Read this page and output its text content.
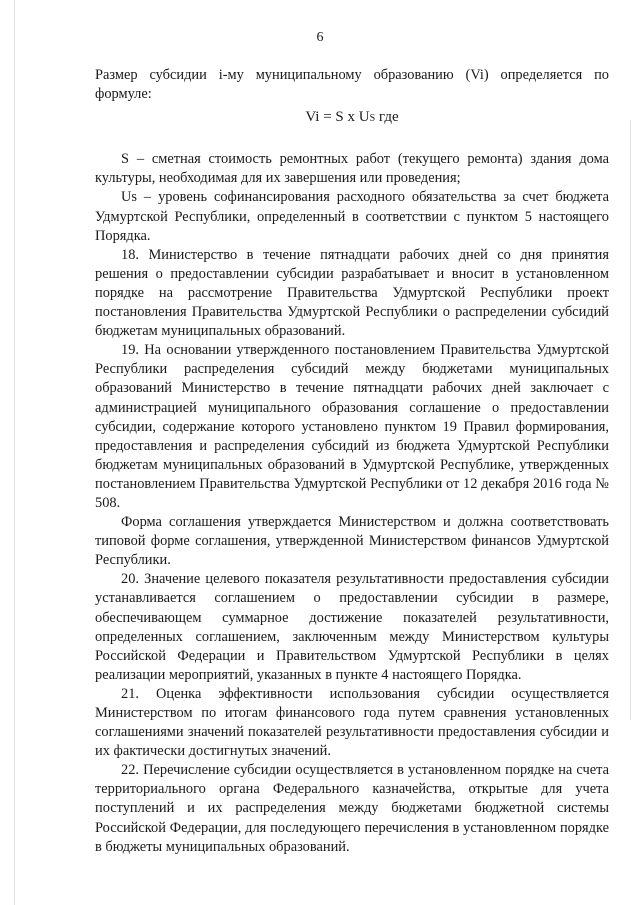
6

Размер субсидии i-му муниципальному образованию (Vi) определяется по формуле:

Vi = S x US где

S – сметная стоимость ремонтных работ (текущего ремонта) здания дома культуры, необходимая для их завершения или проведения;

Us – уровень софинансирования расходного обязательства за счет бюджета Удмуртской Республики, определенный в соответствии с пунктом 5 настоящего Порядка.

18. Министерство в течение пятнадцати рабочих дней со дня принятия решения о предоставлении субсидии разрабатывает и вносит в установленном порядке на рассмотрение Правительства Удмуртской Республики проект постановления Правительства Удмуртской Республики о распределении субсидий бюджетам муниципальных образований.

19. На основании утвержденного постановлением Правительства Удмуртской Республики распределения субсидий между бюджетами муниципальных образований Министерство в течение пятнадцати рабочих дней заключает с администрацией муниципального образования соглашение о предоставлении субсидии, содержание которого установлено пунктом 19 Правил формирования, предоставления и распределения субсидий из бюджета Удмуртской Республики бюджетам муниципальных образований в Удмуртской Республике, утвержденных постановлением Правительства Удмуртской Республики от 12 декабря 2016 года № 508.

Форма соглашения утверждается Министерством и должна соответствовать типовой форме соглашения, утвержденной Министерством финансов Удмуртской Республики.

20. Значение целевого показателя результативности предоставления субсидии устанавливается соглашением о предоставлении субсидии в размере, обеспечивающем суммарное достижение показателей результативности, определенных соглашением, заключенным между Министерством культуры Российской Федерации и Правительством Удмуртской Республики в целях реализации мероприятий, указанных в пункте 4 настоящего Порядка.

21. Оценка эффективности использования субсидии осуществляется Министерством по итогам финансового года путем сравнения установленных соглашениями значений показателей результативности предоставления субсидии и их фактически достигнутых значений.

22. Перечисление субсидии осуществляется в установленном порядке на счета территориального органа Федерального казначейства, открытые для учета поступлений и их распределения между бюджетами бюджетной системы Российской Федерации, для последующего перечисления в установленном порядке в бюджеты муниципальных образований.
